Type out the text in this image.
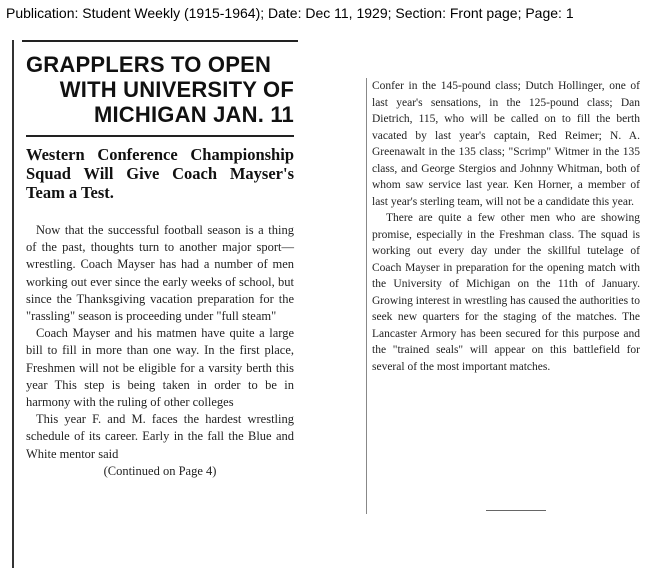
Publication: Student Weekly (1915-1964); Date: Dec 11, 1929; Section: Front page; Page: 1
GRAPPLERS TO OPEN
WITH UNIVERSITY OF
MICHIGAN JAN. 11
Western Conference Championship Squad Will Give Coach Mayser's Team a Test.

Now that the successful football season is a thing of the past, thoughts turn to another major sport—wrestling. Coach Mayser has had a number of men working out ever since the early weeks of school, but since the Thanksgiving vacation preparation for the "rassling" season is proceeding under "full steam"

Coach Mayser and his matmen have quite a large bill to fill in more than one way. In the first place, Freshmen will not be eligible for a varsity berth this year This step is being taken in order to be in harmony with the ruling of other colleges

This year F. and M. faces the hardest wrestling schedule of its career. Early in the fall the Blue and White mentor said

(Continued on Page 4)

Confer in the 145-pound class; Dutch Hollinger, one of last year's sensations, in the 125-pound class; Dan Dietrich, 115, who will be called on to fill the berth vacated by last year's captain, Red Reimer; N. A. Greenawalt in the 135 class; "Scrimp" Witmer in the 135 class, and George Stergios and Johnny Whitman, both of whom saw service last year. Ken Horner, a member of last year's sterling team, will not be a candidate this year.

There are quite a few other men who are showing promise, especially in the Freshman class. The squad is working out every day under the skillful tutelage of Coach Mayser in preparation for the opening match with the University of Michigan on the 11th of January. Growing interest in wrestling has caused the authorities to seek new quarters for the staging of the matches. The Lancaster Armory has been secured for this purpose and the "trained seals" will appear on this battlefield for several of the most important matches.
